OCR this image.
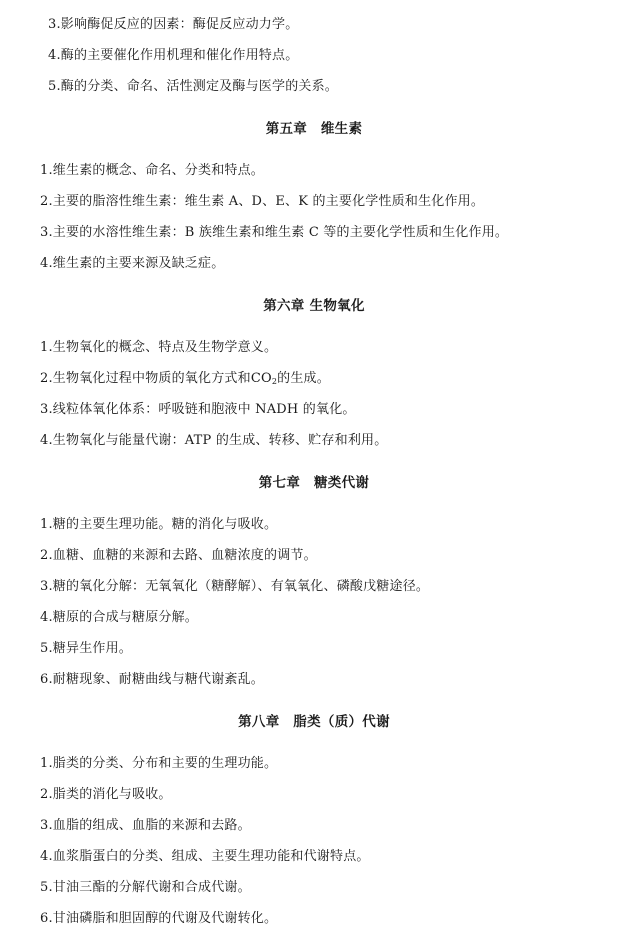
3.影响酶促反应的因素：酶促反应动力学。
4.酶的主要催化作用机理和催化作用特点。
5.酶的分类、命名、活性测定及酶与医学的关系。
第五章　维生素
1.维生素的概念、命名、分类和特点。
2.主要的脂溶性维生素：维生素 A、D、E、K 的主要化学性质和生化作用。
3.主要的水溶性维生素：B 族维生素和维生素 C 等的主要化学性质和生化作用。
4.维生素的主要来源及缺乏症。
第六章 生物氧化
1.生物氧化的概念、特点及生物学意义。
2.生物氧化过程中物质的氧化方式和$CO_2$的生成。
3.线粒体氧化体系：呼吸链和胞液中 NADH 的氧化。
4.生物氧化与能量代谢：ATP 的生成、转移、贮存和利用。
第七章　糖类代谢
1.糖的主要生理功能。糖的消化与吸收。
2.血糖、血糖的来源和去路、血糖浓度的调节。
3.糖的氧化分解：无氧氧化（糖酵解）、有氧氧化、磷酸戊糖途径。
4.糖原的合成与糖原分解。
5.糖异生作用。
6.耐糖现象、耐糖曲线与糖代谢紊乱。
第八章　脂类（质）代谢
1.脂类的分类、分布和主要的生理功能。
2.脂类的消化与吸收。
3.血脂的组成、血脂的来源和去路。
4.血浆脂蛋白的分类、组成、主要生理功能和代谢特点。
5.甘油三酯的分解代谢和合成代谢。
6.甘油磷脂和胆固醇的代谢及代谢转化。
